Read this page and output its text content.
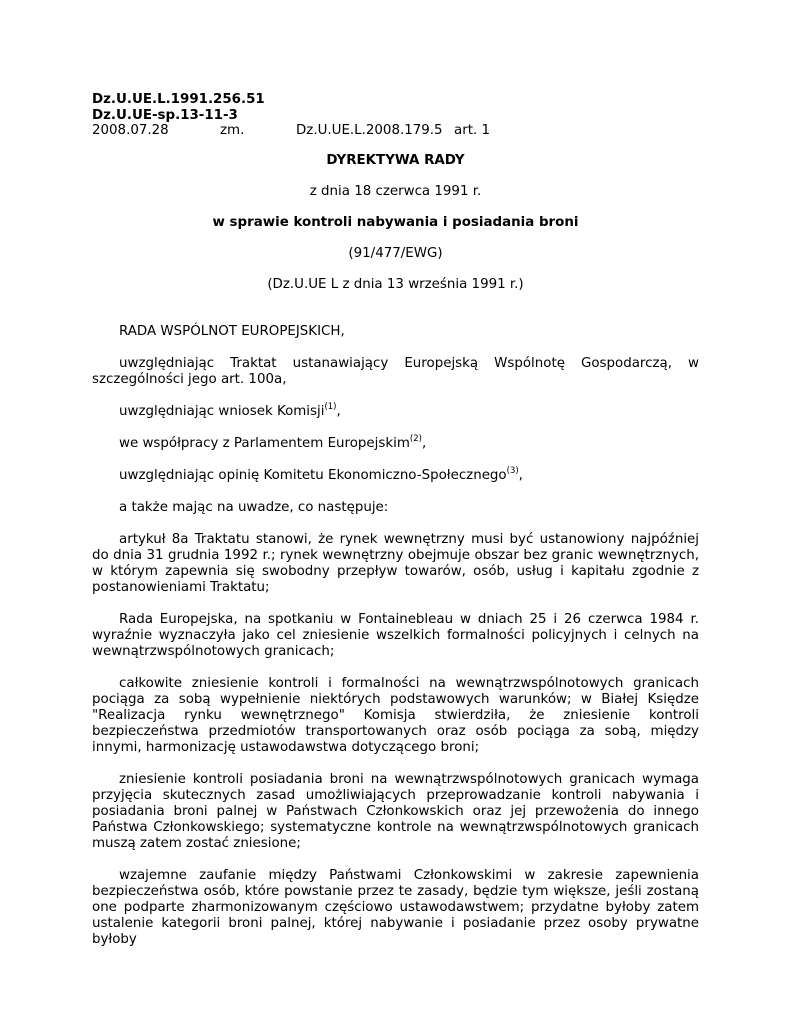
Dz.U.UE.L.1991.256.51
Dz.U.UE-sp.13-11-3
2008.07.28	zm.	Dz.U.UE.L.2008.179.5 art. 1
DYREKTYWA RADY
z dnia 18 czerwca 1991 r.
w sprawie kontroli nabywania i posiadania broni
(91/477/EWG)
(Dz.U.UE L z dnia 13 września 1991 r.)
RADA WSPÓLNOT EUROPEJSKICH,
uwzględniając Traktat ustanawiający Europejską Wspólnotę Gospodarczą, w szczególności jego art. 100a,
uwzględniając wniosek Komisji$^{(1)}$,
we współpracy z Parlamentem Europejskim$^{(2)}$,
uwzględniając opinię Komitetu Ekonomiczno-Społecznego$^{(3)}$,
a także mając na uwadze, co następuje:
artykuł 8a Traktatu stanowi, że rynek wewnętrzny musi być ustanowiony najpóźniej do dnia 31 grudnia 1992 r.; rynek wewnętrzny obejmuje obszar bez granic wewnętrznych, w którym zapewnia się swobodny przepływ towarów, osób, usług i kapitału zgodnie z postanowieniami Traktatu;
Rada Europejska, na spotkaniu w Fontainebleau w dniach 25 i 26 czerwca 1984 r. wyraźnie wyznaczyła jako cel zniesienie wszelkich formalności policyjnych i celnych na wewnątrzwspólnotowych granicach;
całkowite zniesienie kontroli i formalności na wewnątrzwspólnotowych granicach pociąga za sobą wypełnienie niektórych podstawowych warunków; w Białej Księdze "Realizacja rynku wewnętrznego" Komisja stwierdziła, że zniesienie kontroli bezpieczeństwa przedmiotów transportowanych oraz osób pociąga za sobą, między innymi, harmonizację ustawodawstwa dotyczącego broni;
zniesienie kontroli posiadania broni na wewnątrzwspólnotowych granicach wymaga przyjęcia skutecznych zasad umożliwiających przeprowadzanie kontroli nabywania i posiadania broni palnej w Państwach Członkowskich oraz jej przewożenia do innego Państwa Członkowskiego; systematyczne kontrole na wewnątrzwspólnotowych granicach muszą zatem zostać zniesione;
wzajemne zaufanie między Państwami Członkowskimi w zakresie zapewnienia bezpieczeństwa osób, które powstanie przez te zasady, będzie tym większe, jeśli zostaną one podparte zharmonizowanym częściowo ustawodawstwem; przydatne byłoby zatem ustalenie kategorii broni palnej, której nabywanie i posiadanie przez osoby prywatne byłoby
